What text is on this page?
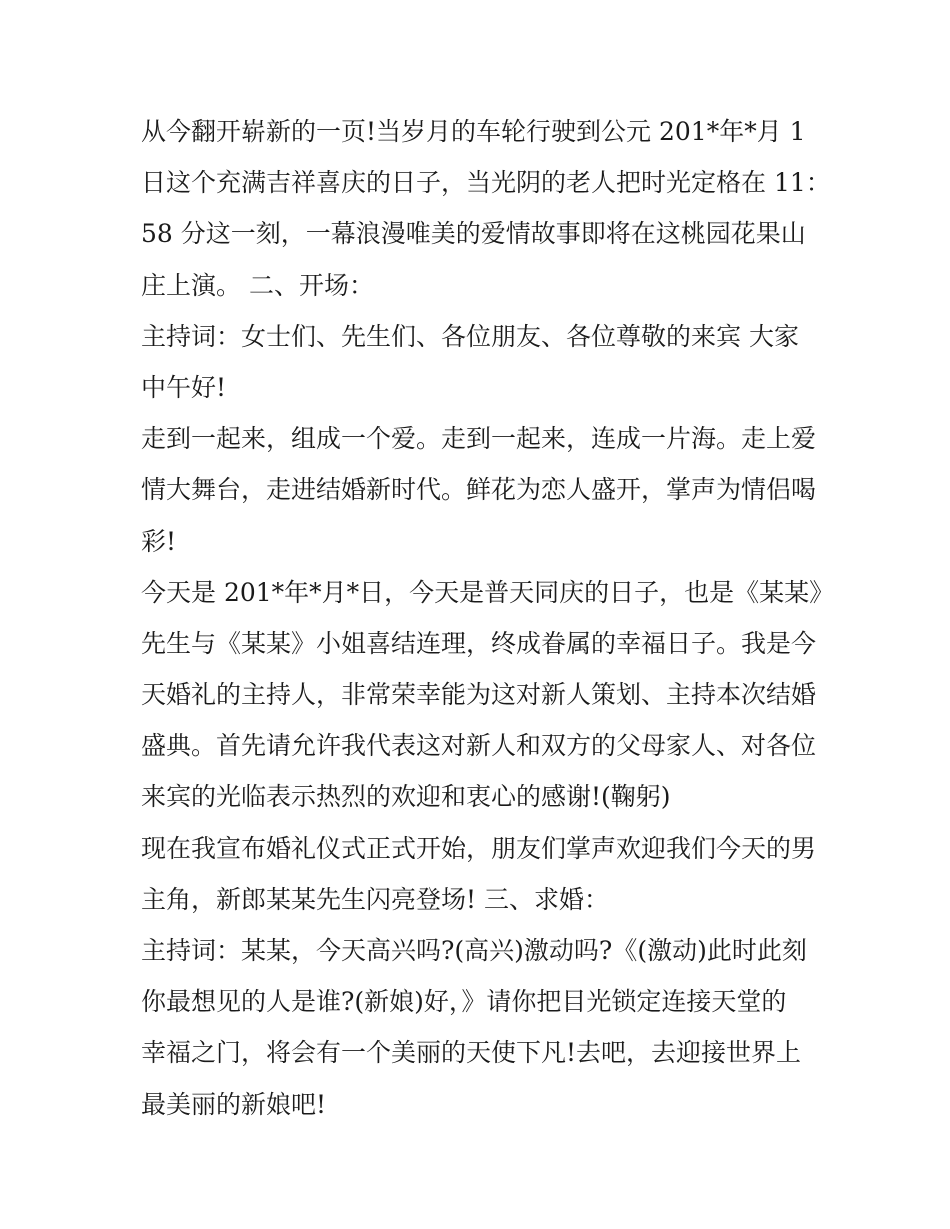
从今翻开崭新的一页!当岁月的车轮行驶到公元 201*年*月 1
日这个充满吉祥喜庆的日子，当光阴的老人把时光定格在 11：
58 分这一刻，一幕浪漫唯美的爱情故事即将在这桃园花果山
庄上演。 二、开场：
主持词：女士们、先生们、各位朋友、各位尊敬的来宾 大家
中午好!
走到一起来，组成一个爱。走到一起来，连成一片海。走上爱
情大舞台，走进结婚新时代。鲜花为恋人盛开，掌声为情侣喝
彩!
今天是 201*年*月*日，今天是普天同庆的日子，也是《某某》
先生与《某某》小姐喜结连理，终成眷属的幸福日子。我是今
天婚礼的主持人，非常荣幸能为这对新人策划、主持本次结婚
盛典。首先请允许我代表这对新人和双方的父母家人、对各位
来宾的光临表示热烈的欢迎和衷心的感谢!(鞠躬)
现在我宣布婚礼仪式正式开始，朋友们掌声欢迎我们今天的男
主角，新郎某某先生闪亮登场! 三、求婚：
主持词：某某，今天高兴吗?(高兴)激动吗?《(激动)此时此刻
你最想见的人是谁?(新娘)好，》请你把目光锁定连接天堂的
幸福之门，将会有一个美丽的天使下凡!去吧，去迎接世界上
最美丽的新娘吧!
